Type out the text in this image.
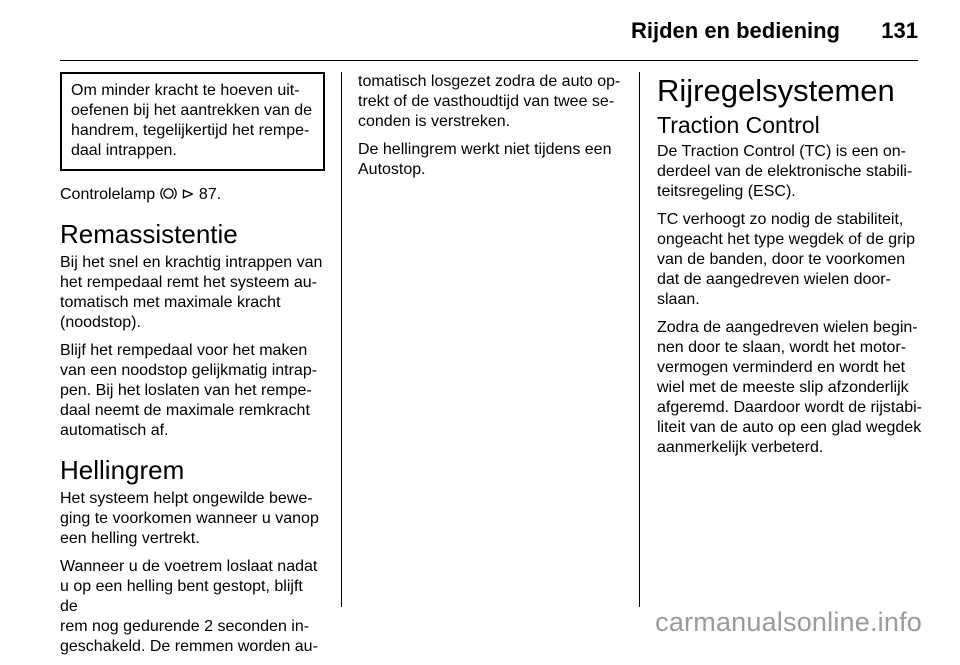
Rijden en bediening 131
Om minder kracht te hoeven uit-
oefenen bij het aantrekken van de
handrem, tegelijkertijd het rempe-
daal intrappen.

Controlelamp ⊳ 87.

Remassistentie

Bij het snel en krachtig intrappen van
het rempedaal remt het systeem au-
tomatisch met maximale kracht
(noodstop).

Blijf het rempedaal voor het maken
van een noodstop gelijkmatig intrap-
pen. Bij het loslaten van het rempe-
daal neemt de maximale remkracht
automatisch af.

Hellingrem

Het systeem helpt ongewilde bewe-
ging te voorkomen wanneer u vanop
een helling vertrekt.

Wanneer u de voetrem loslaat nadat
u op een helling bent gestopt, blijft de
rem nog gedurende 2 seconden in-
geschakeld. De remmen worden au-

tomatisch losgezet zodra de auto op-
trekt of de vasthoudtijd van twee se-
conden is verstreken.

De hellingrem werkt niet tijdens een
Autostop.

Rijregelsystemen
Traction Control

De Traction Control (TC) is een on-
derdeel van de elektronische stabili-
teitsregeling (ESC).

TC verhoogt zo nodig de stabiliteit,
ongeacht het type wegdek of de grip
van de banden, door te voorkomen
dat de aangedreven wielen door-
slaan.

Zodra de aangedreven wielen begin-
nen door te slaan, wordt het motor-
vermogen verminderd en wordt het
wiel met de meeste slip afzonderlijk
afgeremd. Daardoor wordt de rijstabi-
liteit van de auto op een glad wegdek
aanmerkelijk verbeterd.

carmanualsonline.info
